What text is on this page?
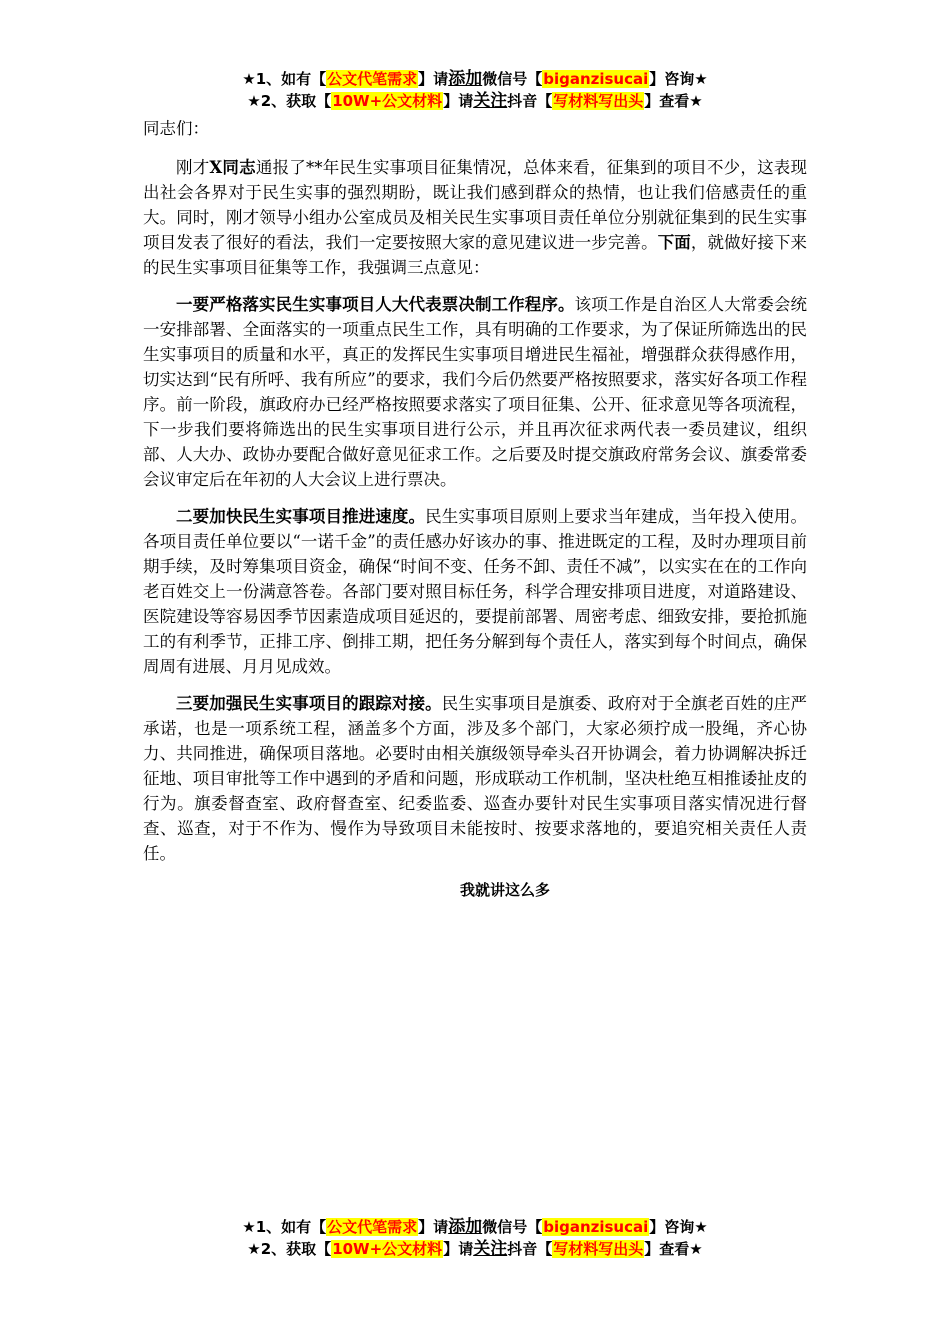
★1、如有【公文代笔需求】请添加微信号【biganzisucai】咨询★
★2、获取【10W+公文材料】请关注抖音【写材料写出头】查看★

同志们：

刚才X同志通报了**年民生实事项目征集情况，总体来看，征集到的项目不少，这表现出社会各界对于民生实事的强烈期盼，既让我们感到群众的热情，也让我们倍感责任的重大。同时，刚才领导小组办公室成员及相关民生实事项目责任单位分别就征集到的民生实事项目发表了很好的看法，我们一定要按照大家的意见建议进一步完善。下面，就做好接下来的民生实事项目征集等工作，我强调三点意见：

一要严格落实民生实事项目人大代表票决制工作程序。该项工作是自治区人大常委会统一安排部署、全面落实的一项重点民生工作，具有明确的工作要求，为了保证所筛选出的民生实事项目的质量和水平，真正的发挥民生实事项目增进民生福祉，增强群众获得感作用，切实达到“民有所呼、我有所应”的要求，我们今后仍然要严格按照要求，落实好各项工作程序。前一阶段，旗政府办已经严格按照要求落实了项目征集、公开、征求意见等各项流程，下一步我们要将筛选出的民生实事项目进行公示，并且再次征求两代表一委员建议，组织部、人大办、政协办要配合做好意见征求工作。之后要及时提交旗政府常务会议、旗委常委会议审定后在年初的人大会议上进行票决。

二要加快民生实事项目推进速度。民生实事项目原则上要求当年建成，当年投入使用。各项目责任单位要以“一诺千金”的责任感办好该办的事、推进既定的工程，及时办理项目前期手续，及时筹集项目资金，确保“时间不变、任务不卸、责任不减”，以实实在在的工作向老百姓交上一份满意答卷。各部门要对照目标任务，科学合理安排项目进度，对道路建设、医院建设等容易因季节因素造成项目延迟的，要提前部署、周密考虑、细致安排，要抢抓施工的有利季节，正排工序、倒排工期，把任务分解到每个责任人，落实到每个时间点，确保周周有进展、月月见成效。

三要加强民生实事项目的跟踪对接。民生实事项目是旗委、政府对于全旗老百姓的庄严承诺，也是一项系统工程，涵盖多个方面，涉及多个部门，大家必须拧成一股绳，齐心协力、共同推进，确保项目落地。必要时由相关旗级领导牵头召开协调会，着力协调解决拆迁征地、项目审批等工作中遇到的矛盾和问题，形成联动工作机制，坚决杜绝互相推诿扯皮的行为。旗委督查室、政府督查室、纪委监委、巡查办要针对民生实事项目落实情况进行督查、巡查，对于不作为、慢作为导致项目未能按时、按要求落地的，要追究相关责任人责任。

我就讲这么多

★1、如有【公文代笔需求】请添加微信号【biganzisucai】咨询★
★2、获取【10W+公文材料】请关注抖音【写材料写出头】查看★
